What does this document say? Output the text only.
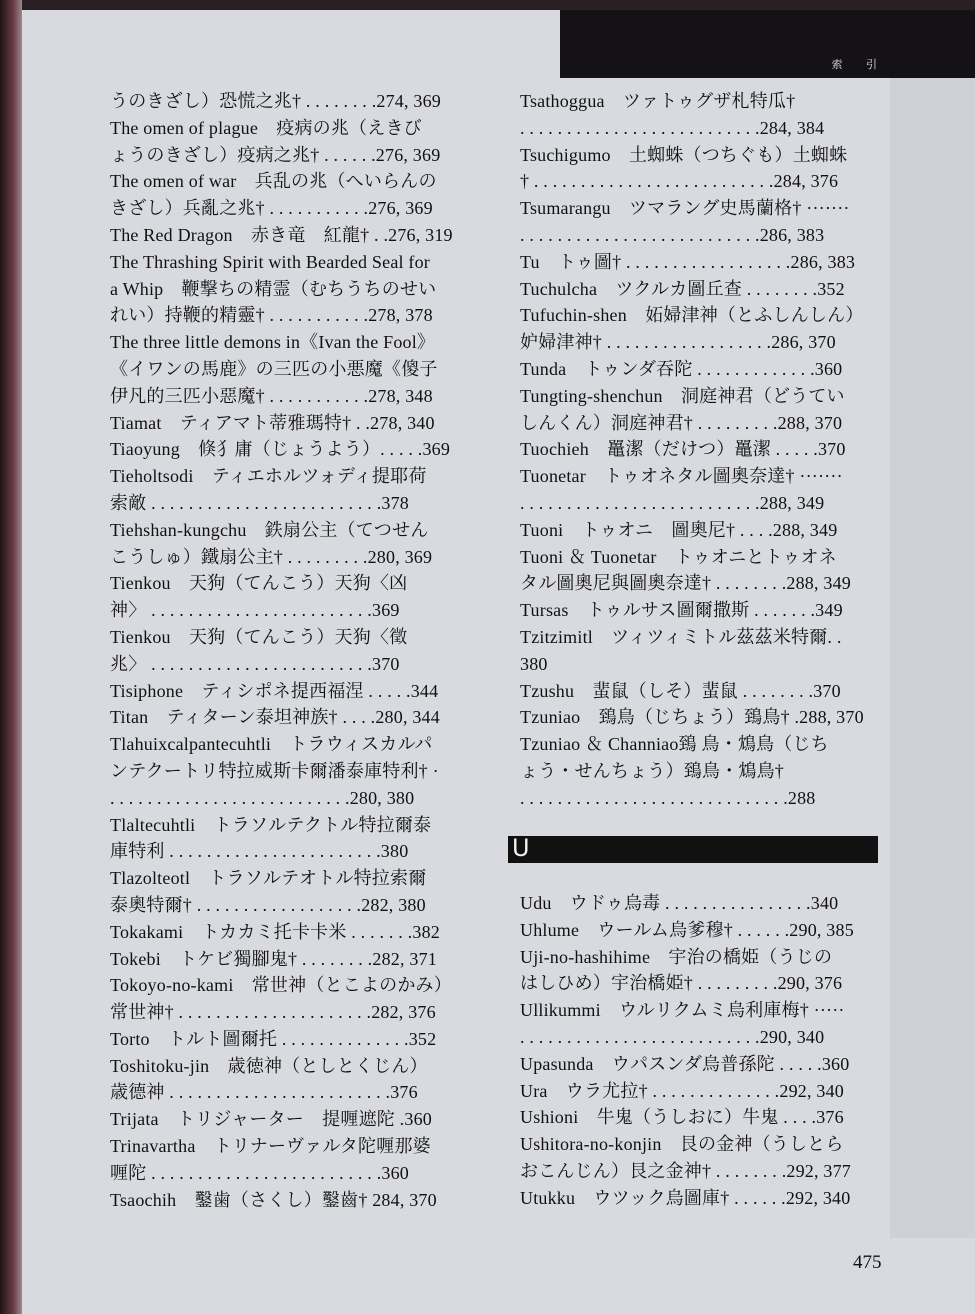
索 引
うのきざし）恐慌之兆† . . . . . . . .274, 369
The omen of plague　疫病の兆（えきび
ょうのきざし）疫病之兆† . . . . . .276, 369
The omen of war　兵乱の兆（へいらんの
きざし）兵亂之兆† . . . . . . . . . . .276, 369
The Red Dragon　赤き竜　紅龍† . .276, 319
The Thrashing Spirit with Bearded Seal for
a Whip　鞭撃ちの精霊（むちうちのせい
れい）持鞭的精靈† . . . . . . . . . . .278, 378
The three little demons in《Ivan the Fool》
《イワンの馬鹿》の三匹の小悪魔《傻子
伊凡的三匹小惡魔† . . . . . . . . . . .278, 348
Tiamat　ティアマト蒂雅瑪特† . .278, 340
Tiaoyung　倏犭庸（じょうよう）. . . . .369
Tieholtsodi　ティエホルツォディ提耶荷
索敵 . . . . . . . . . . . . . . . . . . . . . . . . .378
Tiehshan-kungchu　鉄扇公主（てつせん
こうしゅ）鐵扇公主† . . . . . . . . .280, 369
Tienkou　天狗（てんこう）天狗〈凶
神〉 . . . . . . . . . . . . . . . . . . . . . . . .369
Tienkou　天狗（てんこう）天狗〈徵
兆〉 . . . . . . . . . . . . . . . . . . . . . . . .370
Tisiphone　ティシポネ提西福涅 . . . . .344
Titan　ティターン泰坦神族† . . . .280, 344
Tlahuixcalpantecuhtli　トラウィスカルパ
ンテクートリ特拉威斯卡爾潘泰庫特利† ·
. . . . . . . . . . . . . . . . . . . . . . . . . .280, 380
Tlaltecuhtli　トラソルテクトル特拉爾泰
庫特利 . . . . . . . . . . . . . . . . . . . . . . .380
Tlazolteotl　トラソルテオトル特拉索爾
泰奧特爾† . . . . . . . . . . . . . . . . . .282, 380
Tokakami　トカカミ托卡卡米 . . . . . . .382
Tokebi　トケビ獨腳鬼† . . . . . . . .282, 371
Tokoyo-no-kami　常世神（とこよのかみ）
常世神† . . . . . . . . . . . . . . . . . . . . .282, 376
Torto　トルト圖爾托 . . . . . . . . . . . . . .352
Toshitoku-jin　歳徳神（としとくじん）
歳德神 . . . . . . . . . . . . . . . . . . . . . . . .376
Trijata　トリジャーター　提喱遮陀 .360
Trinavartha　トリナーヴァルタ陀喱那婆
喱陀 . . . . . . . . . . . . . . . . . . . . . . . . .360
Tsaochih　鑿歯（さくし）鑿齒† 284, 370
Tsathoggua　ツァトゥグザ札特瓜†
. . . . . . . . . . . . . . . . . . . . . . . . . .284, 384
Tsuchigumo　土蜘蛛（つちぐも）土蜘蛛
† . . . . . . . . . . . . . . . . . . . . . . . . . .284, 376
Tsumarangu　ツマラング史馬蘭格† ·······
. . . . . . . . . . . . . . . . . . . . . . . . . .286, 383
Tu　トゥ圖† . . . . . . . . . . . . . . . . . .286, 383
Tuchulcha　ツクルカ圖丘查 . . . . . . . .352
Tufuchin-shen　妬婦津神（とふしんしん）
妒婦津神† . . . . . . . . . . . . . . . . . .286, 370
Tunda　トゥンダ吞陀 . . . . . . . . . . . . .360
Tungting-shenchun　洞庭神君（どうてい
しんくん）洞庭神君† . . . . . . . . .288, 370
Tuochieh　鼉潔（だけつ）鼉潔 . . . . .370
Tuonetar　トゥオネタル圖奧奈達† ·······
. . . . . . . . . . . . . . . . . . . . . . . . . .288, 349
Tuoni　トゥオニ　圖奧尼† . . . .288, 349
Tuoni ＆ Tuonetar　トゥオニとトゥオネ
タル圖奧尼與圖奧奈達† . . . . . . . .288, 349
Tursas　トゥルサス圖爾撒斯 . . . . . . .349
Tzitzimitl　ツィツィミトル茲茲米特爾. .
380
Tzushu　蜚鼠（しそ）蜚鼠 . . . . . . . .370
Tzuniao　鵄鳥（じちょう）鵄鳥† .288, 370
Tzuniao ＆ Channiao鵄 鳥・鴆鳥（じち
ょう・せんちょう）鵄鳥・鴆鳥†
. . . . . . . . . . . . . . . . . . . . . . . . . . . . .288
U
Udu　ウドゥ烏毒 . . . . . . . . . . . . . . . .340
Uhlume　ウールム烏爹穆† . . . . . .290, 385
Uji-no-hashihime　宇治の橋姫（うじの
はしひめ）宇治橋姫† . . . . . . . . .290, 376
Ullikummi　ウルリクムミ烏利庫梅† ·····
. . . . . . . . . . . . . . . . . . . . . . . . . .290, 340
Upasunda　ウパスンダ烏普孫陀 . . . . .360
Ura　ウラ尤拉† . . . . . . . . . . . . . .292, 340
Ushioni　牛鬼（うしおに）牛鬼 . . . .376
Ushitora-no-konjin　艮の金神（うしとら
おこんじん）艮之金神† . . . . . . . .292, 377
Utukku　ウツック烏圖庫† . . . . . .292, 340
475
